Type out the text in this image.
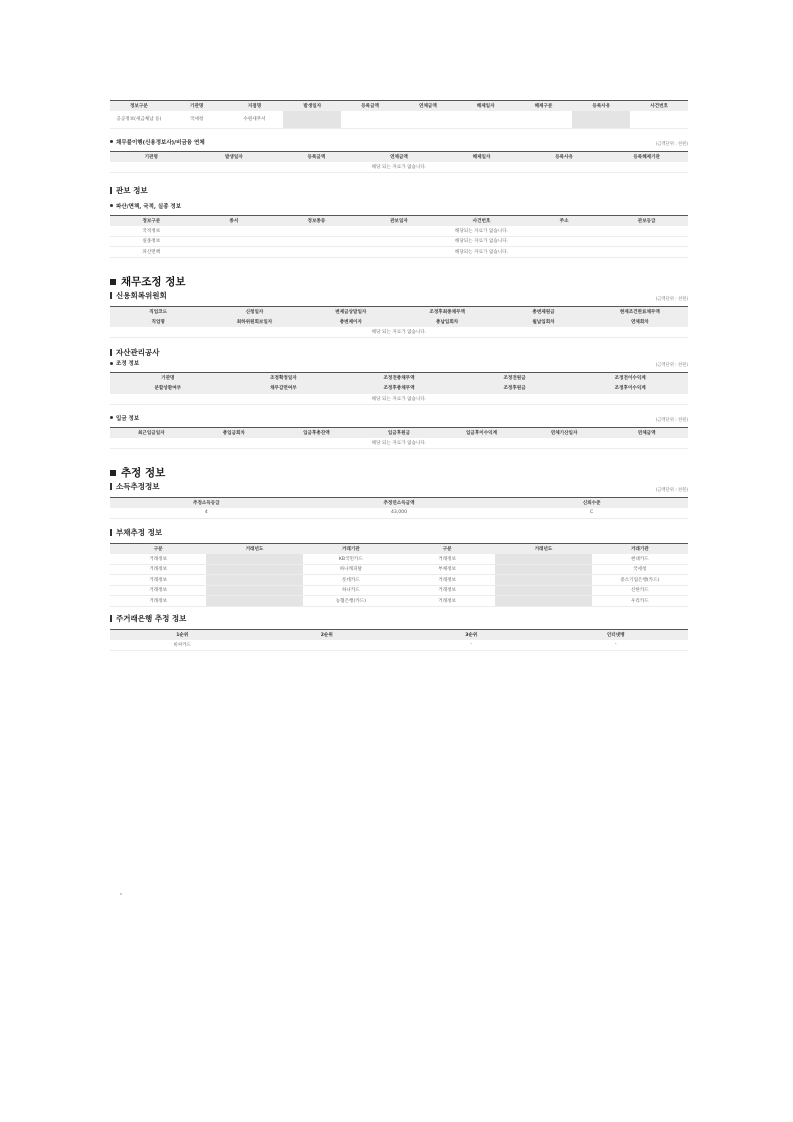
정보구분	기관명	지점명	발생일자	등록금액	연체금액	해제일자	해제구분	등록사유	사건번호
공공정보(세금체납 등)	국세청	수원세무서							
채무불이행(신용정보사)/비금융 연체	(금액단위 : 천원)
기관명	발생일자	등록금액	연체금액	해제일자	등록사유	등록해제기관
해당 되는 자료가 없습니다.
관보 정보
파산/면책, 국적, 실종 정보
정보구분	종서	정보종류	관보일자	사건번호	주소	관보등급
국적정보				해당되는 자료가 없습니다.		
실종정보				해당되는 자료가 없습니다.		
파산면책				해당되는 자료가 없습니다.		
채무조정 정보
신용회복위원회	(금액단위 : 천원)
직업코드	신청일자	변제금상말일자	조정후최종채무액	총변제원금	현재조건완료채무액
직업명	최하위원회보일자	총변제이자	총납입회차	월납입회차	연체회차
해당 되는 자료가 없습니다.					
자산관리공사
조정 정보	(금액단위 : 천원)
기관명	조정확정일자	조정전총채무액	조정전원금	조정전이수익계
분할상환여부	채무감면여부	조정후총채무액	조정후원금	조정후이수익계
해당 되는 자료가 없습니다.				
입금 정보	(금액단위 : 천원)
최근입금일자	총입금회차	입금후총잔액	입금후원금	입금후이수익계	연체기산일자	연체금액
해당 되는 자료가 없습니다.
추정 정보
소득추정정보	(금액단위 : 천원)
추정소득등급	추정연소득금액	신뢰수준
4	43,000	C
부채추정 정보
구분	거래년도	거래기관	구분	거래년도	거래기관
거래정보		KB국민카드	거래정보		현대카드
거래정보		하나캐피탈	부채정보		국세청
거래정보		롯데카드	거래정보		중소기업은행(카드)
거래정보		하나카드	거래정보		신한카드
거래정보		농협은행(카드)	거래정보		우리카드
주거래은행 추정 정보
1순위	2순위	3순위	인터넷뱅
비씨카드		-	-
